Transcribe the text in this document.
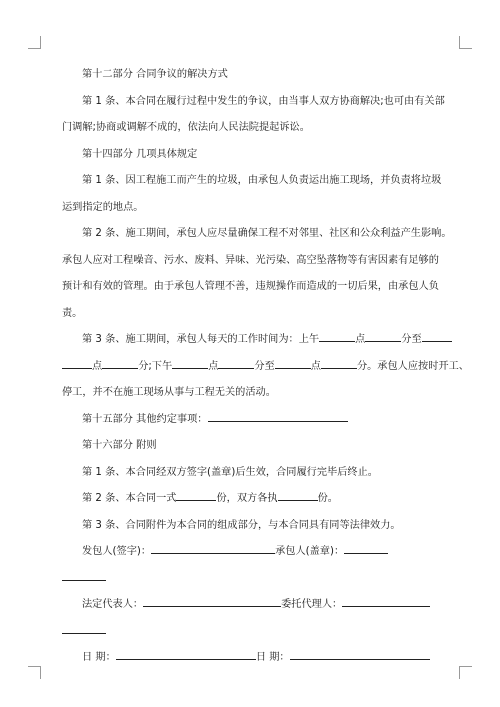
第十二部分 合同争议的解决方式

第 1 条、本合同在履行过程中发生的争议，由当事人双方协商解决;也可由有关部

门调解;协商或调解不成的，依法向人民法院提起诉讼。

第十四部分 几项具体规定

第 1 条、因工程施工而产生的垃圾，由承包人负责运出施工现场，并负责将垃圾

运到指定的地点。

第 2 条、施工期间，承包人应尽量确保工程不对邻里、社区和公众利益产生影响。

承包人应对工程噪音、污水、废料、异味、光污染、高空坠落物等有害因素有足够的

预计和有效的管理。由于承包人管理不善，违规操作而造成的一切后果，由承包人负

责。

第 3 条、施工期间，承包人每天的工作时间为：上午	点	分至

点	分;下午	点	分至	点	分。承包人应按时开工、

停工，并不在施工现场从事与工程无关的活动。

第十五部分 其他约定事项：

第十六部分 附则

第 1 条、本合同经双方签字(盖章)后生效，合同履行完毕后终止。

第 2 条、本合同一式	份，双方各执	份。

第 3 条、合同附件为本合同的组成部分，与本合同具有同等法律效力。

发包人(签字)：	承包人(盖章)：

法定代表人：	委托代理人：

日 期：	日 期：
